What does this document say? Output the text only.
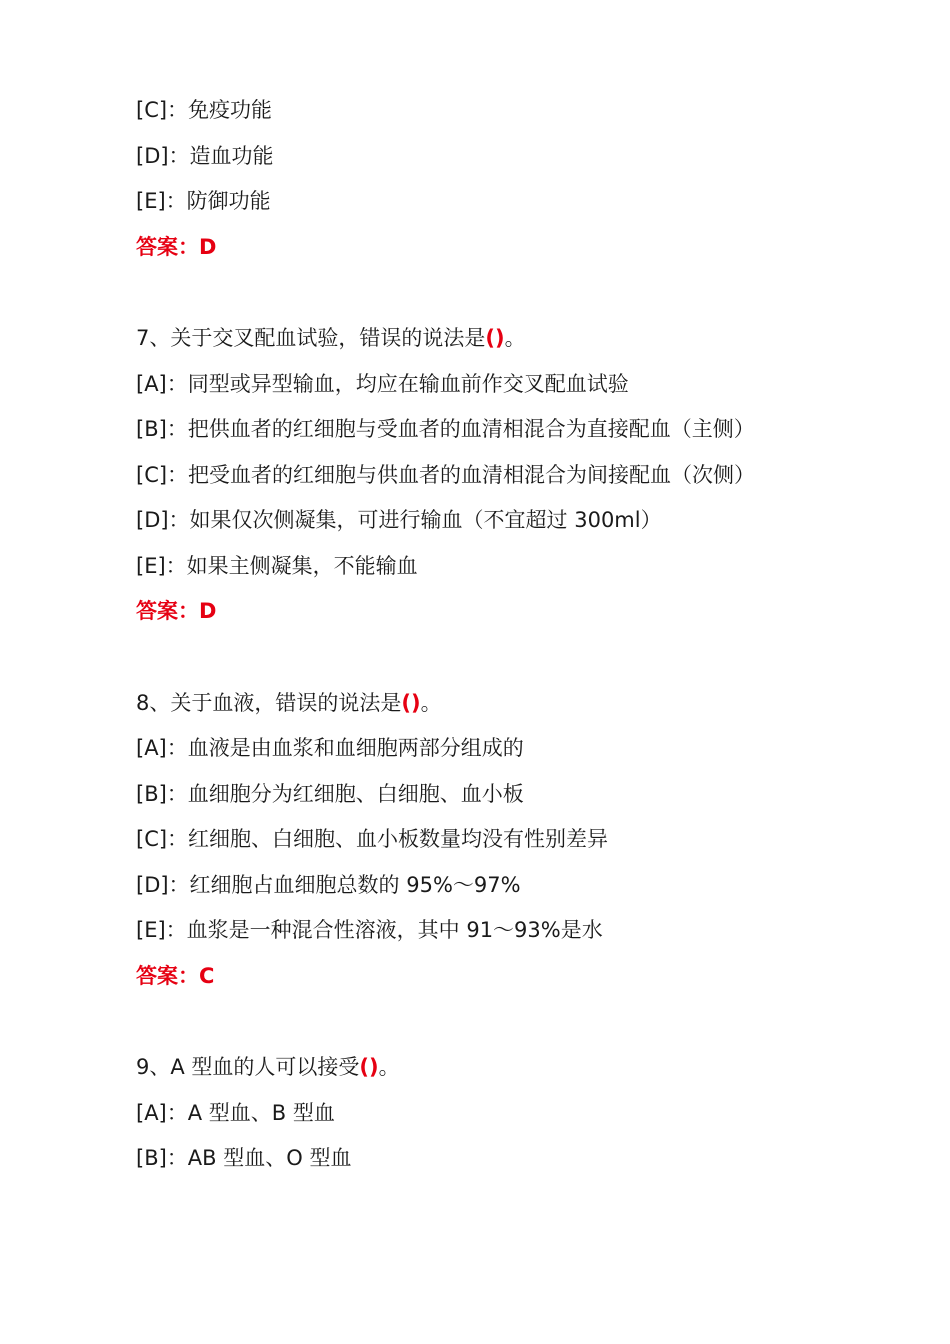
[C]：免疫功能
[D]：造血功能
[E]：防御功能
答案：D
7、关于交叉配血试验，错误的说法是()。
[A]：同型或异型输血，均应在输血前作交叉配血试验
[B]：把供血者的红细胞与受血者的血清相混合为直接配血（主侧）
[C]：把受血者的红细胞与供血者的血清相混合为间接配血（次侧）
[D]：如果仅次侧凝集，可进行输血（不宜超过 300ml）
[E]：如果主侧凝集，不能输血
答案：D
8、关于血液，错误的说法是()。
[A]：血液是由血浆和血细胞两部分组成的
[B]：血细胞分为红细胞、白细胞、血小板
[C]：红细胞、白细胞、血小板数量均没有性别差异
[D]：红细胞占血细胞总数的 95%～97%
[E]：血浆是一种混合性溶液，其中 91～93%是水
答案：C
9、A 型血的人可以接受()。
[A]：A 型血、B 型血
[B]：AB 型血、O 型血
